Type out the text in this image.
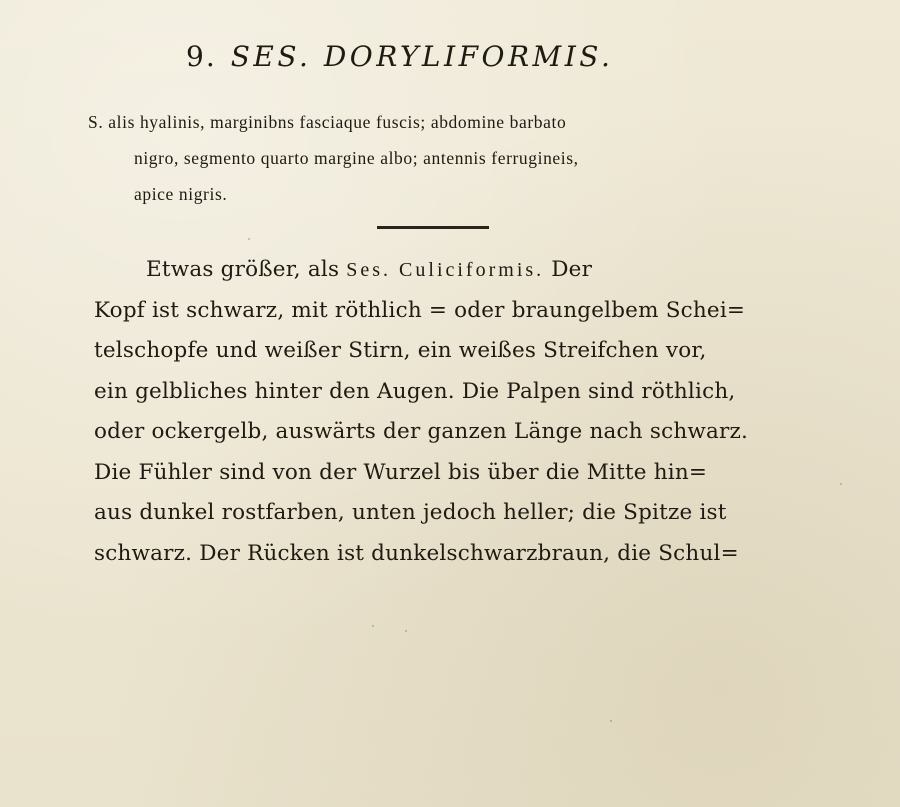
9. SES. DORYLIFORMIS.
S. alis hyalinis, marginibns fasciaque fuscis; abdomine barbato
nigro, segmento quarto margine albo; antennis ferrugineis,
apice nigris.
Etwas größer, als Ses. Culiciformis. Der
Kopf ist schwarz, mit röthlich = oder braungelbem Schei=
telschopfe und weißer Stirn, ein weißes Streifchen vor,
ein gelbliches hinter den Augen. Die Palpen sind röthlich,
oder ockergelb, auswärts der ganzen Länge nach schwarz.
Die Fühler sind von der Wurzel bis über die Mitte hin=
aus dunkel rostfarben, unten jedoch heller; die Spitze ist
schwarz. Der Rücken ist dunkelschwarzbraun, die Schul=
